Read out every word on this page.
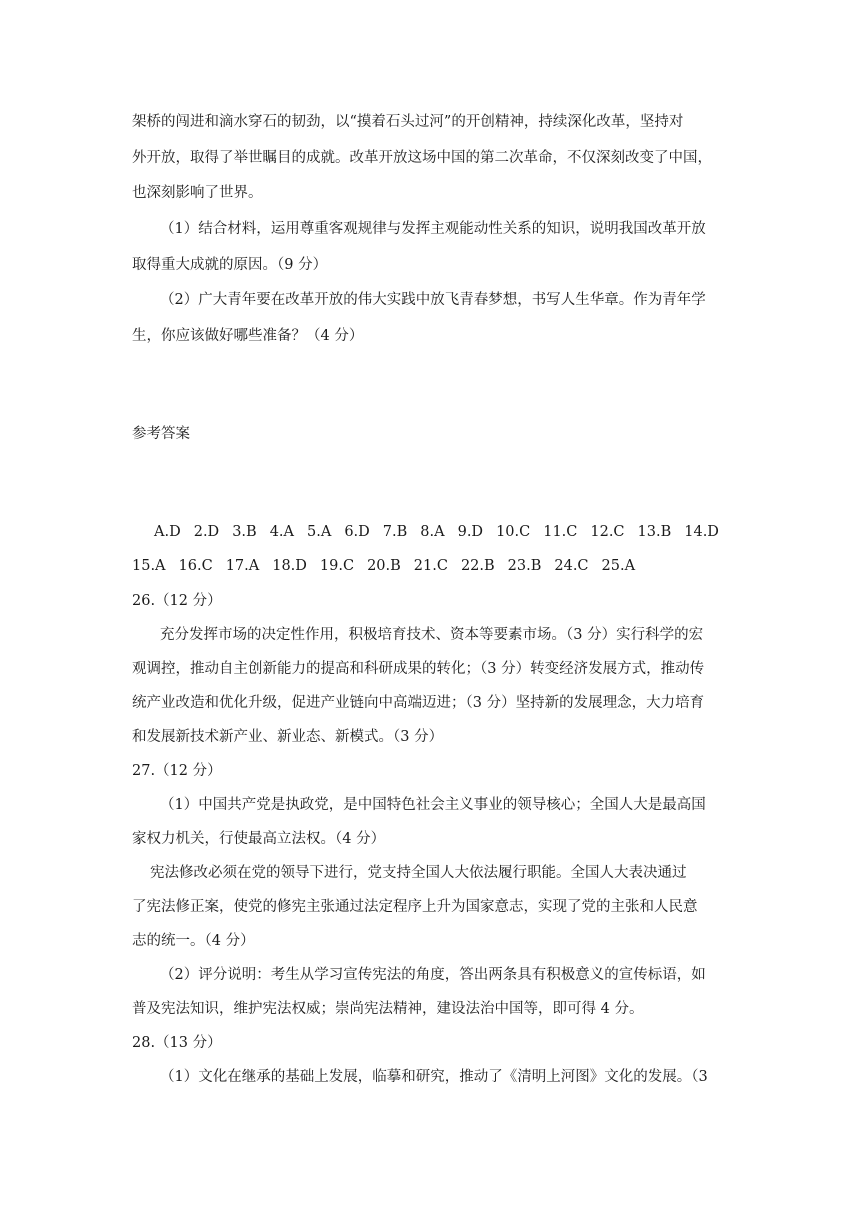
架桥的闯进和滴水穿石的韧劲，以“摸着石头过河”的开创精神，持续深化改革，坚持对
外开放，取得了举世瞩目的成就。改革开放这场中国的第二次革命，不仅深刻改变了中国，
也深刻影响了世界。
（1）结合材料，运用尊重客观规律与发挥主观能动性关系的知识，说明我国改革开放
取得重大成就的原因。（9 分）
（2）广大青年要在改革开放的伟大实践中放飞青春梦想，书写人生华章。作为青年学
生，你应该做好哪些准备？（4 分）
参考答案
A.D 2.D 3.B 4.A 5.A 6.D 7.B 8.A 9.D 10.C 11.C 12.C 13.B 14.D
15.A 16.C 17.A 18.D 19.C 20.B 21.C 22.B 23.B 24.C 25.A
26.（12 分）
充分发挥市场的决定性作用，积极培育技术、资本等要素市场。（3 分）实行科学的宏
观调控，推动自主创新能力的提高和科研成果的转化；（3 分）转变经济发展方式，推动传
统产业改造和优化升级，促进产业链向中高端迈进；（3 分）坚持新的发展理念，大力培育
和发展新技术新产业、新业态、新模式。（3 分）
27.（12 分）
（1）中国共产党是执政党，是中国特色社会主义事业的领导核心；全国人大是最高国
家权力机关，行使最高立法权。（4 分）
宪法修改必须在党的领导下进行，党支持全国人大依法履行职能。全国人大表决通过
了宪法修正案，使党的修宪主张通过法定程序上升为国家意志，实现了党的主张和人民意
志的统一。（4 分）
（2）评分说明：考生从学习宣传宪法的角度，答出两条具有积极意义的宣传标语，如
普及宪法知识，维护宪法权威；崇尚宪法精神，建设法治中国等，即可得 4 分。
28.（13 分）
（1）文化在继承的基础上发展，临摹和研究，推动了《清明上河图》文化的发展。（3
